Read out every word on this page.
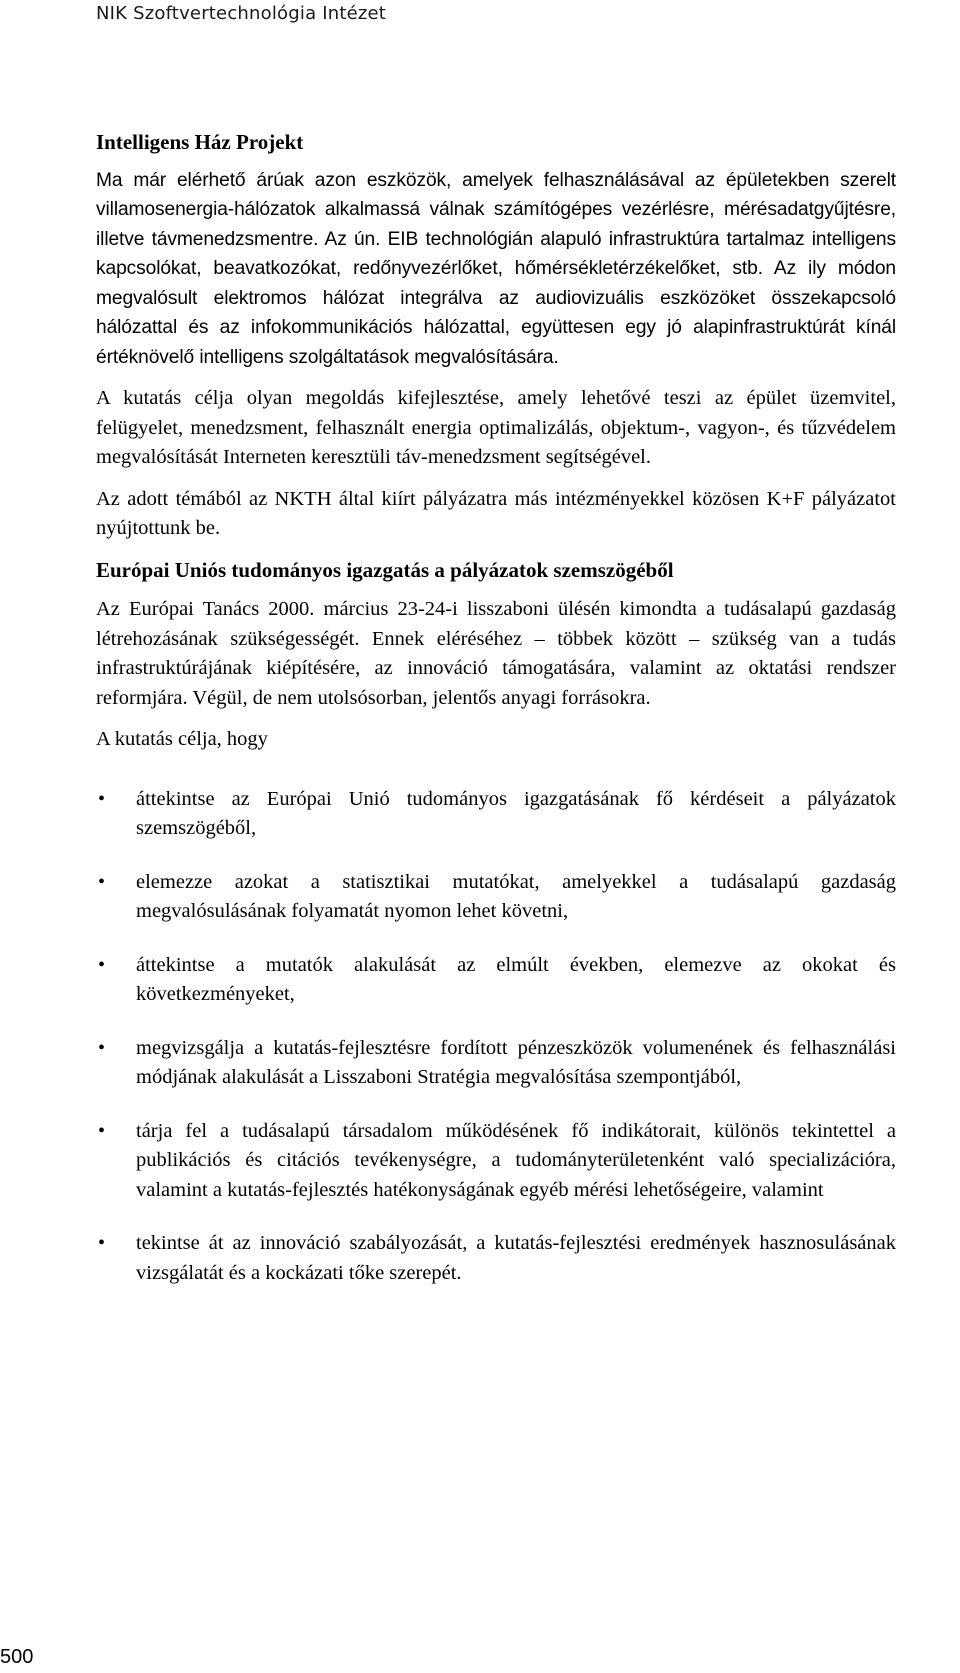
NIK Szoftvertechnológia Intézet
Intelligens Ház Projekt

Ma már elérhető árúak azon eszközök, amelyek felhasználásával az épületekben szerelt villamosenergia-hálózatok alkalmassá válnak számítógépes vezérlésre, mérésadatgyűjtésre, illetve távmenedzsmentre. Az ún. EIB technológián alapuló infrastruktúra tartalmaz intelligens kapcsolókat, beavatkozókat, redőnyvezérlőket, hőmérsékletérzékelőket, stb. Az ily módon megvalósult elektromos hálózat integrálva az audiovizuális eszközöket összekapcsoló hálózattal és az infokommunikációs hálózattal, együttesen egy jó alapinfrastruktúrát kínál értéknövelő intelligens szolgáltatások megvalósítására.

A kutatás célja olyan megoldás kifejlesztése, amely lehetővé teszi az épület üzemvitel, felügyelet, menedzsment, felhasznált energia optimalizálás, objektum-, vagyon-, és tűzvédelem megvalósítását Interneten keresztüli táv-menedzsment segítségével.

Az adott témából az NKTH által kiírt pályázatra más intézményekkel közösen K+F pályázatot nyújtottunk be.

Európai Uniós tudományos igazgatás a pályázatok szemszögéből

Az Európai Tanács 2000. március 23-24-i lisszaboni ülésén kimondta a tudásalapú gazdaság létrehozásának szükségességét. Ennek eléréséhez – többek között – szükség van a tudás infrastruktúrájának kiépítésére, az innováció támogatására, valamint az oktatási rendszer reformjára. Végül, de nem utolsósorban, jelentős anyagi forrásokra.

A kutatás célja, hogy

• áttekintse az Európai Unió tudományos igazgatásának fő kérdéseit a pályázatok szemszögéből,
• elemezze azokat a statisztikai mutatókat, amelyekkel a tudásalapú gazdaság megvalósulásának folyamatát nyomon lehet követni,
• áttekintse a mutatók alakulását az elmúlt években, elemezve az okokat és következményeket,
• megvizsgálja a kutatás-fejlesztésre fordított pénzeszközök volumenének és felhasználási módjának alakulását a Lisszaboni Stratégia megvalósítása szempontjából,
• tárja fel a tudásalapú társadalom működésének fő indikátorait, különös tekintettel a publikációs és citációs tevékenységre, a tudományterületenként való specializációra, valamint a kutatás-fejlesztés hatékonyságának egyéb mérési lehetőségeire, valamint
• tekintse át az innováció szabályozását, a kutatás-fejlesztési eredmények hasznosulásának vizsgálatát és a kockázati tőke szerepét.
500
